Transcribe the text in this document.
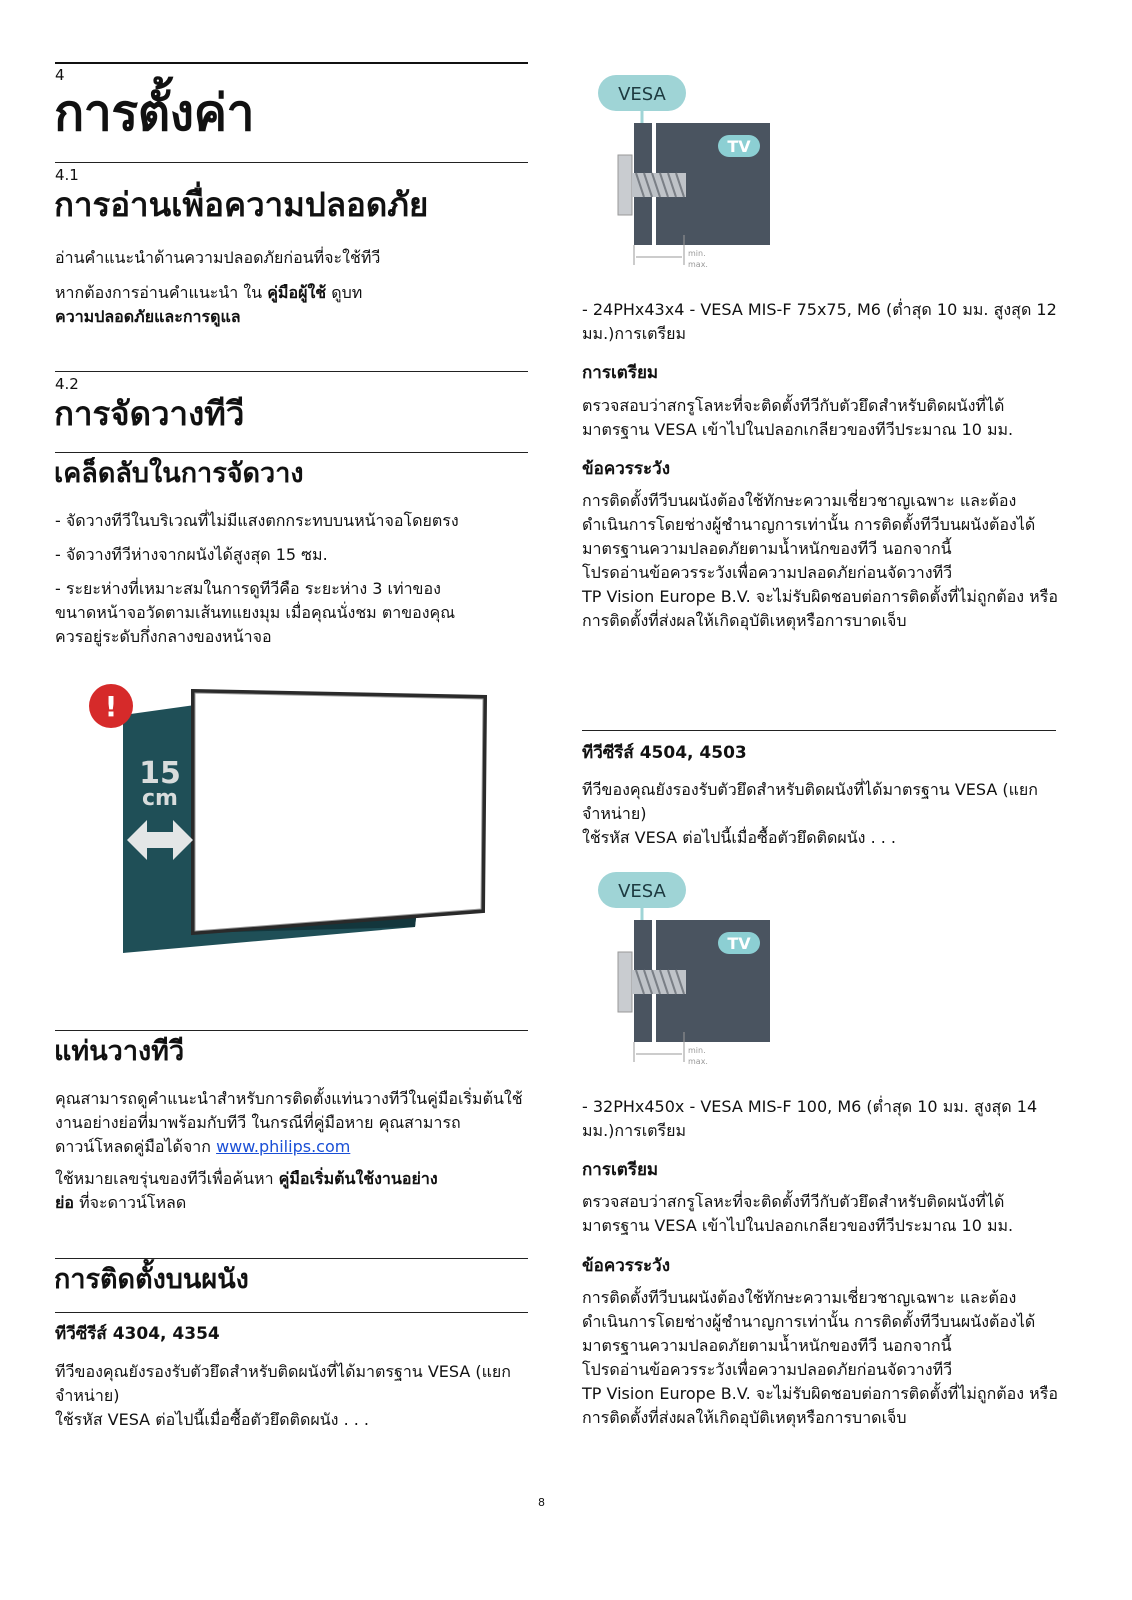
4
การตั้งค่า
4.1
การอ่านเพื่อความปลอดภัย
อ่านคำแนะนำด้านความปลอดภัยก่อนที่จะใช้ทีวี
หากต้องการอ่านคำแนะนำ ใน คู่มือผู้ใช้ ดูบท
ความปลอดภัยและการดูแล
4.2
การจัดวางทีวี
เคล็ดลับในการจัดวาง
- จัดวางทีวีในบริเวณที่ไม่มีแสงตกกระทบบนหน้าจอโดยตรง
- จัดวางทีวีห่างจากผนังได้สูงสุด 15 ซม.
- ระยะห่างที่เหมาะสมในการดูทีวีคือ ระยะห่าง 3 เท่าของขนาดหน้าจอวัดตามเส้นทแยงมุม เมื่อคุณนั่งชม ตาของคุณควรอยู่ระดับกึ่งกลางของหน้าจอ
!
15
cm
แท่นวางทีวี
คุณสามารถดูคำแนะนำสำหรับการติดตั้งแท่นวางทีวีในคู่มือเริ่มต้นใช้งานอย่างย่อที่มาพร้อมกับทีวี ในกรณีที่คู่มือหาย คุณสามารถดาวน์โหลดคู่มือได้จาก www.philips.com
ใช้หมายเลขรุ่นของทีวีเพื่อค้นหา คู่มือเริ่มต้นใช้งานอย่างย่อ ที่จะดาวน์โหลด
การติดตั้งบนผนัง
ทีวีซีรีส์ 4304, 4354
ทีวีของคุณยังรองรับตัวยึดสำหรับติดผนังที่ได้มาตรฐาน VESA (แยกจำหน่าย)
ใช้รหัส VESA ต่อไปนี้เมื่อซื้อตัวยึดติดผนัง . . .
VESA
TV
min.
max.
- 24PHx43x4 - VESA MIS-F 75x75, M6 (ต่ำสุด 10 มม. สูงสุด 12 มม.)การเตรียม
การเตรียม
ตรวจสอบว่าสกรูโลหะที่จะติดตั้งทีวีกับตัวยึดสำหรับติดผนังที่ได้มาตรฐาน VESA เข้าไปในปลอกเกลียวของทีวีประมาณ 10 มม.
ข้อควรระวัง
การติดตั้งทีวีบนผนังต้องใช้ทักษะความเชี่ยวชาญเฉพาะ และต้องดำเนินการโดยช่างผู้ชำนาญการเท่านั้น การติดตั้งทีวีบนผนังต้องได้มาตรฐานความปลอดภัยตามน้ำหนักของทีวี นอกจากนี้
โปรดอ่านข้อควรระวังเพื่อความปลอดภัยก่อนจัดวางทีวี
TP Vision Europe B.V. จะไม่รับผิดชอบต่อการติดตั้งที่ไม่ถูกต้อง หรือการติดตั้งที่ส่งผลให้เกิดอุบัติเหตุหรือการบาดเจ็บ
ทีวีซีรีส์ 4504, 4503
ทีวีของคุณยังรองรับตัวยึดสำหรับติดผนังที่ได้มาตรฐาน VESA (แยกจำหน่าย)
ใช้รหัส VESA ต่อไปนี้เมื่อซื้อตัวยึดติดผนัง . . .
VESA
TV
min.
max.
- 32PHx450x - VESA MIS-F 100, M6 (ต่ำสุด 10 มม. สูงสุด 14 มม.)การเตรียม
การเตรียม
ตรวจสอบว่าสกรูโลหะที่จะติดตั้งทีวีกับตัวยึดสำหรับติดผนังที่ได้มาตรฐาน VESA เข้าไปในปลอกเกลียวของทีวีประมาณ 10 มม.
ข้อควรระวัง
การติดตั้งทีวีบนผนังต้องใช้ทักษะความเชี่ยวชาญเฉพาะ และต้องดำเนินการโดยช่างผู้ชำนาญการเท่านั้น การติดตั้งทีวีบนผนังต้องได้มาตรฐานความปลอดภัยตามน้ำหนักของทีวี นอกจากนี้
โปรดอ่านข้อควรระวังเพื่อความปลอดภัยก่อนจัดวางทีวี
TP Vision Europe B.V. จะไม่รับผิดชอบต่อการติดตั้งที่ไม่ถูกต้อง หรือการติดตั้งที่ส่งผลให้เกิดอุบัติเหตุหรือการบาดเจ็บ
8
